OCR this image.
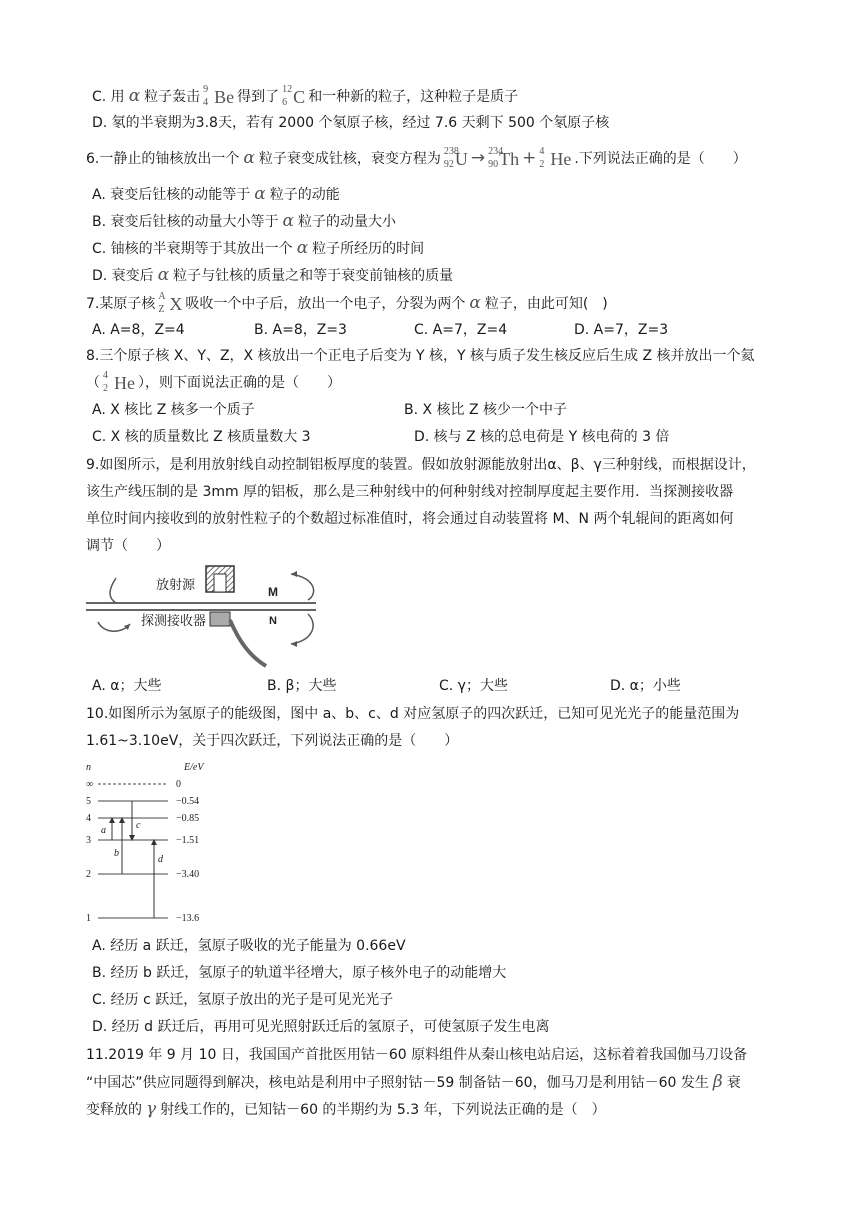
C. 用 α 粒子轰击 9
4 Be 得到了 12
6 C 和一种新的粒子，这种粒子是质子
D. 氡的半衰期为3.8天，若有 2000 个氡原子核，经过 7.6 天剩下 500 个氡原子核
6.一静止的铀核放出一个 α 粒子衰变成钍核，衰变方程为 238
92 U → 234
90 Th + 4
2 He .下列说法正确的是（　　）
A. 衰变后钍核的动能等于 α 粒子的动能
B. 衰变后钍核的动量大小等于 α 粒子的动量大小
C. 铀核的半衰期等于其放出一个 α 粒子所经历的时间
D. 衰变后 α 粒子与钍核的质量之和等于衰变前铀核的质量
7.某原子核 A
Z X 吸收一个中子后，放出一个电子，分裂为两个 α 粒子，由此可知(　)
A. A=8，Z=4	B. A=8，Z=3	C. A=7，Z=4	D. A=7，Z=3
8.三个原子核 X、Y、Z，X 核放出一个正电子后变为 Y 核，Y 核与质子发生核反应后生成 Z 核并放出一个氦
（ 4
2 He ），则下面说法正确的是（　　）
A. X 核比 Z 核多一个质子	B. X 核比 Z 核少一个中子
C. X 核的质量数比 Z 核质量数大 3	D. 核与 Z 核的总电荷是 Y 核电荷的 3 倍
9.如图所示，是利用放射线自动控制铝板厚度的装置。假如放射源能放射出α、β、γ三种射线，而根据设计，
该生产线压制的是 3mm 厚的铝板，那么是三种射线中的何种射线对控制厚度起主要作用．当探测接收器
单位时间内接收到的放射性粒子的个数超过标准值时，将会通过自动装置将 M、N 两个轧辊间的距离如何
调节（　　）
放射源
探测接收器
M
N
A. α；大些	B. β；大些	C. γ；大些	D. α；小些
10.如图所示为氢原子的能级图，图中 a、b、c、d 对应氢原子的四次跃迁，已知可见光光子的能量范围为
1.61~3.10eV，关于四次跃迁，下列说法正确的是（　　）
n	E/eV
∞	0
5	−0.54
4	−0.85
3	−1.51
2	−3.40
1	−13.6
a
b
c
d
A. 经历 a 跃迁，氢原子吸收的光子能量为 0.66eV
B. 经历 b 跃迁，氢原子的轨道半径增大，原子核外电子的动能增大
C. 经历 c 跃迁，氢原子放出的光子是可见光光子
D. 经历 d 跃迁后，再用可见光照射跃迁后的氢原子，可使氢原子发生电离
11.2019 年 9 月 10 日，我国国产首批医用钴－60 原料组件从秦山核电站启运，这标着着我国伽马刀设备
“中国芯”供应同题得到解决，核电站是利用中子照射钴－59 制备钴－60，伽马刀是利用钴－60 发生 β 衰
变释放的 γ 射线工作的，已知钴－60 的半期约为 5.3 年，下列说法正确的是（　）
